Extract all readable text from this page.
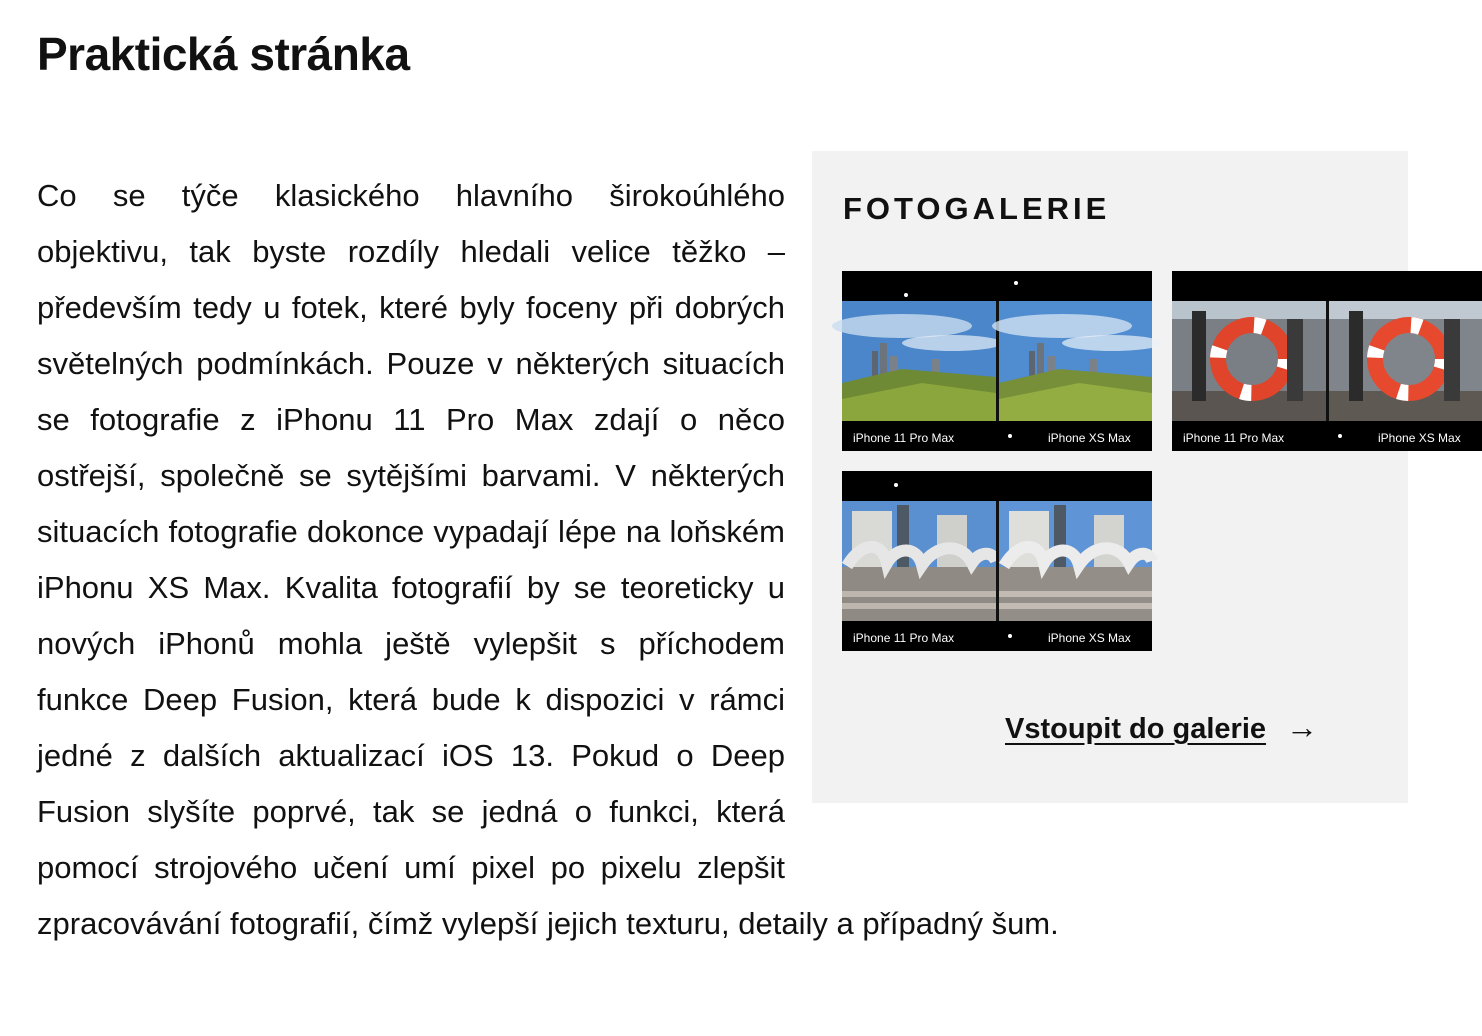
Praktická stránka
Co se týče klasického hlavního širokoúhlého objektivu, tak byste rozdíly hledali velice těžko – především tedy u fotek, které byly foceny při dobrých světelných podmínkách. Pouze v některých situacích se fotografie z iPhonu 11 Pro Max zdají o něco ostřejší, společně se sytějšími barvami. V některých situacích fotografie dokonce vypadají lépe na loňském iPhonu XS Max. Kvalita fotografií by se teoreticky u nových iPhonů mohla ještě vylepšit s příchodem funkce Deep Fusion, která bude k dispozici v rámci jedné z dalších aktualizací iOS 13. Pokud o Deep Fusion slyšíte poprvé, tak se jedná o funkci, která pomocí strojového učení umí pixel po pixelu zlepšit zpracovávání fotografií, čímž vylepší jejich texturu, detaily a případný šum.
FOTOGALERIE
iPhone 11 Pro Max	iPhone XS Max	iPhone 11 Pro Max	iPhone XS Max
iPhone 11 Pro Max	iPhone XS Max
Vstoupit do galerie →
